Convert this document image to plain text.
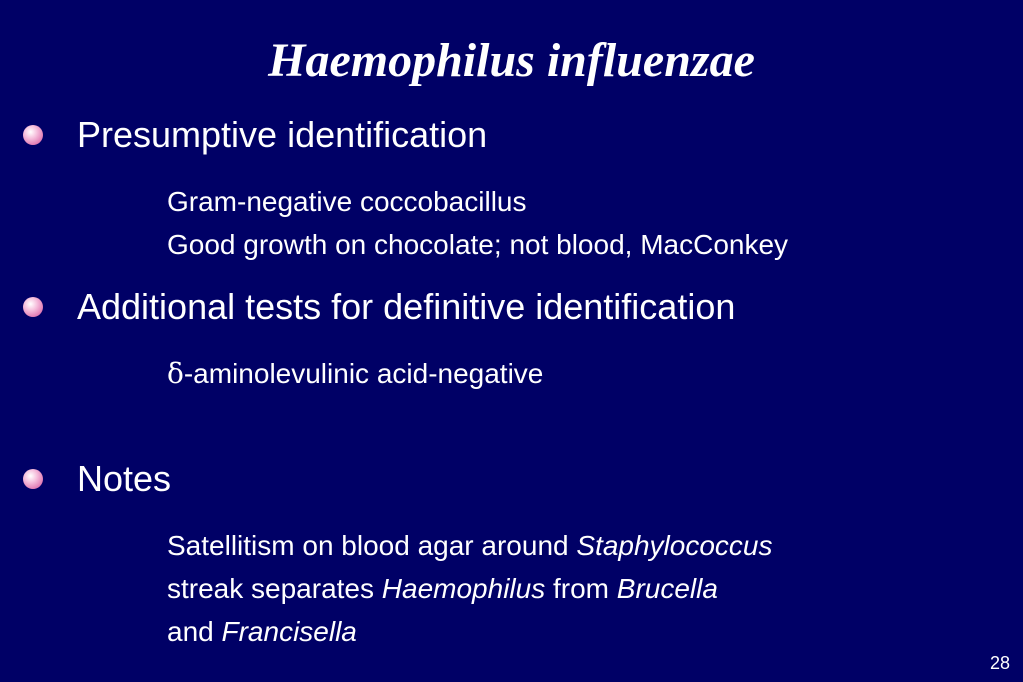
Haemophilus influenzae
Presumptive identification
Gram-negative coccobacillus
Good growth on chocolate; not blood, MacConkey
Additional tests for definitive identification
δ-aminolevulinic acid-negative
Notes
Satellitism on blood agar around Staphylococcus
streak separates Haemophilus from Brucella
and Francisella
28
